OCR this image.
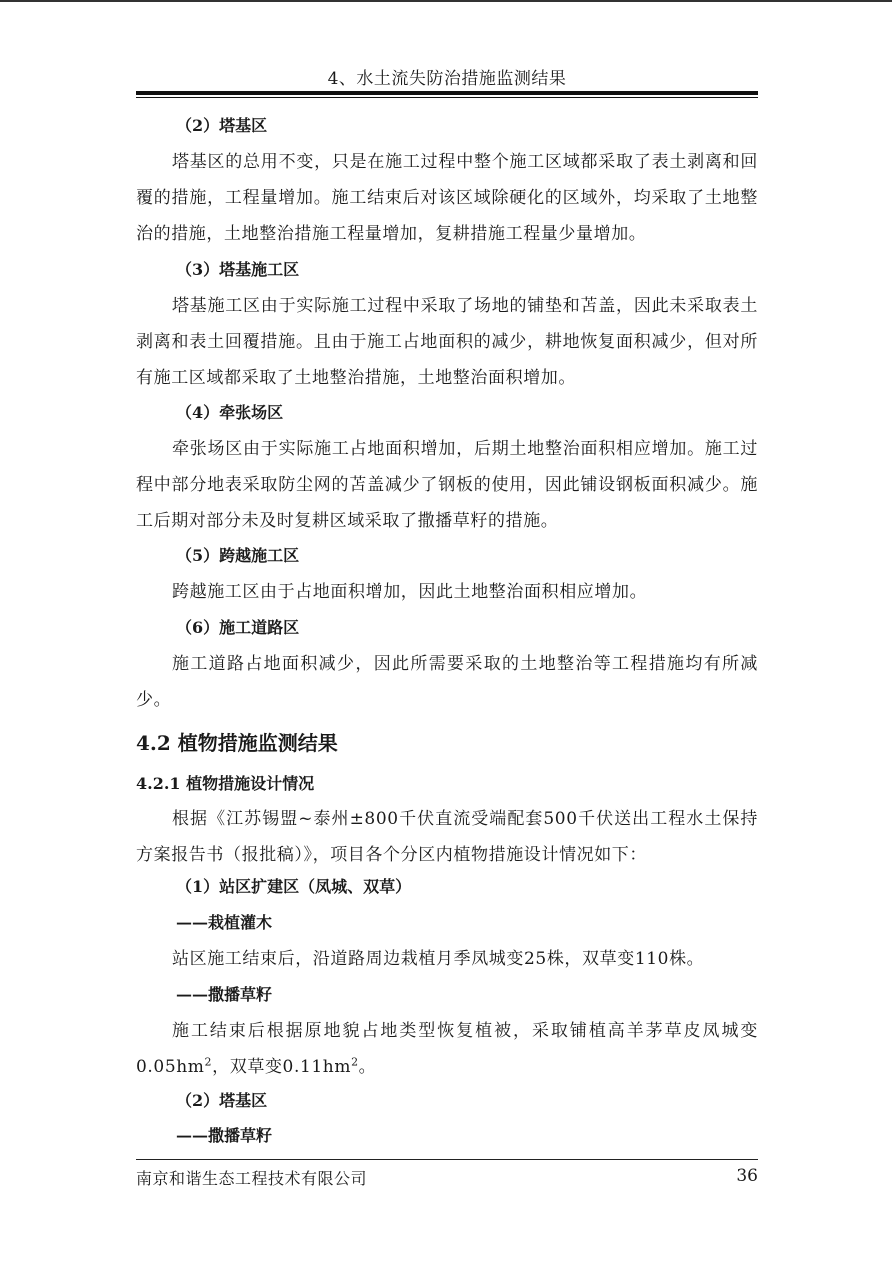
4、水土流失防治措施监测结果
（2）塔基区
塔基区的总用不变，只是在施工过程中整个施工区域都采取了表土剥离和回覆的措施，工程量增加。施工结束后对该区域除硬化的区域外，均采取了土地整治的措施，土地整治措施工程量增加，复耕措施工程量少量增加。
（3）塔基施工区
塔基施工区由于实际施工过程中采取了场地的铺垫和苫盖，因此未采取表土剥离和表土回覆措施。且由于施工占地面积的减少，耕地恢复面积减少，但对所有施工区域都采取了土地整治措施，土地整治面积增加。
（4）牵张场区
牵张场区由于实际施工占地面积增加，后期土地整治面积相应增加。施工过程中部分地表采取防尘网的苫盖减少了钢板的使用，因此铺设钢板面积减少。施工后期对部分未及时复耕区域采取了撒播草籽的措施。
（5）跨越施工区
跨越施工区由于占地面积增加，因此土地整治面积相应增加。
（6）施工道路区
施工道路占地面积减少，因此所需要采取的土地整治等工程措施均有所减少。
4.2 植物措施监测结果
4.2.1 植物措施设计情况
根据《江苏锡盟~泰州±800千伏直流受端配套500千伏送出工程水土保持方案报告书（报批稿）》，项目各个分区内植物措施设计情况如下：
（1）站区扩建区（凤城、双草）
——栽植灌木
站区施工结束后，沿道路周边栽植月季凤城变25株，双草变110株。
——撒播草籽
施工结束后根据原地貌占地类型恢复植被，采取铺植高羊茅草皮凤城变$0.05hm^2$，双草变$0.11hm^2$。
（2）塔基区
——撒播草籽
南京和谐生态工程技术有限公司	36
